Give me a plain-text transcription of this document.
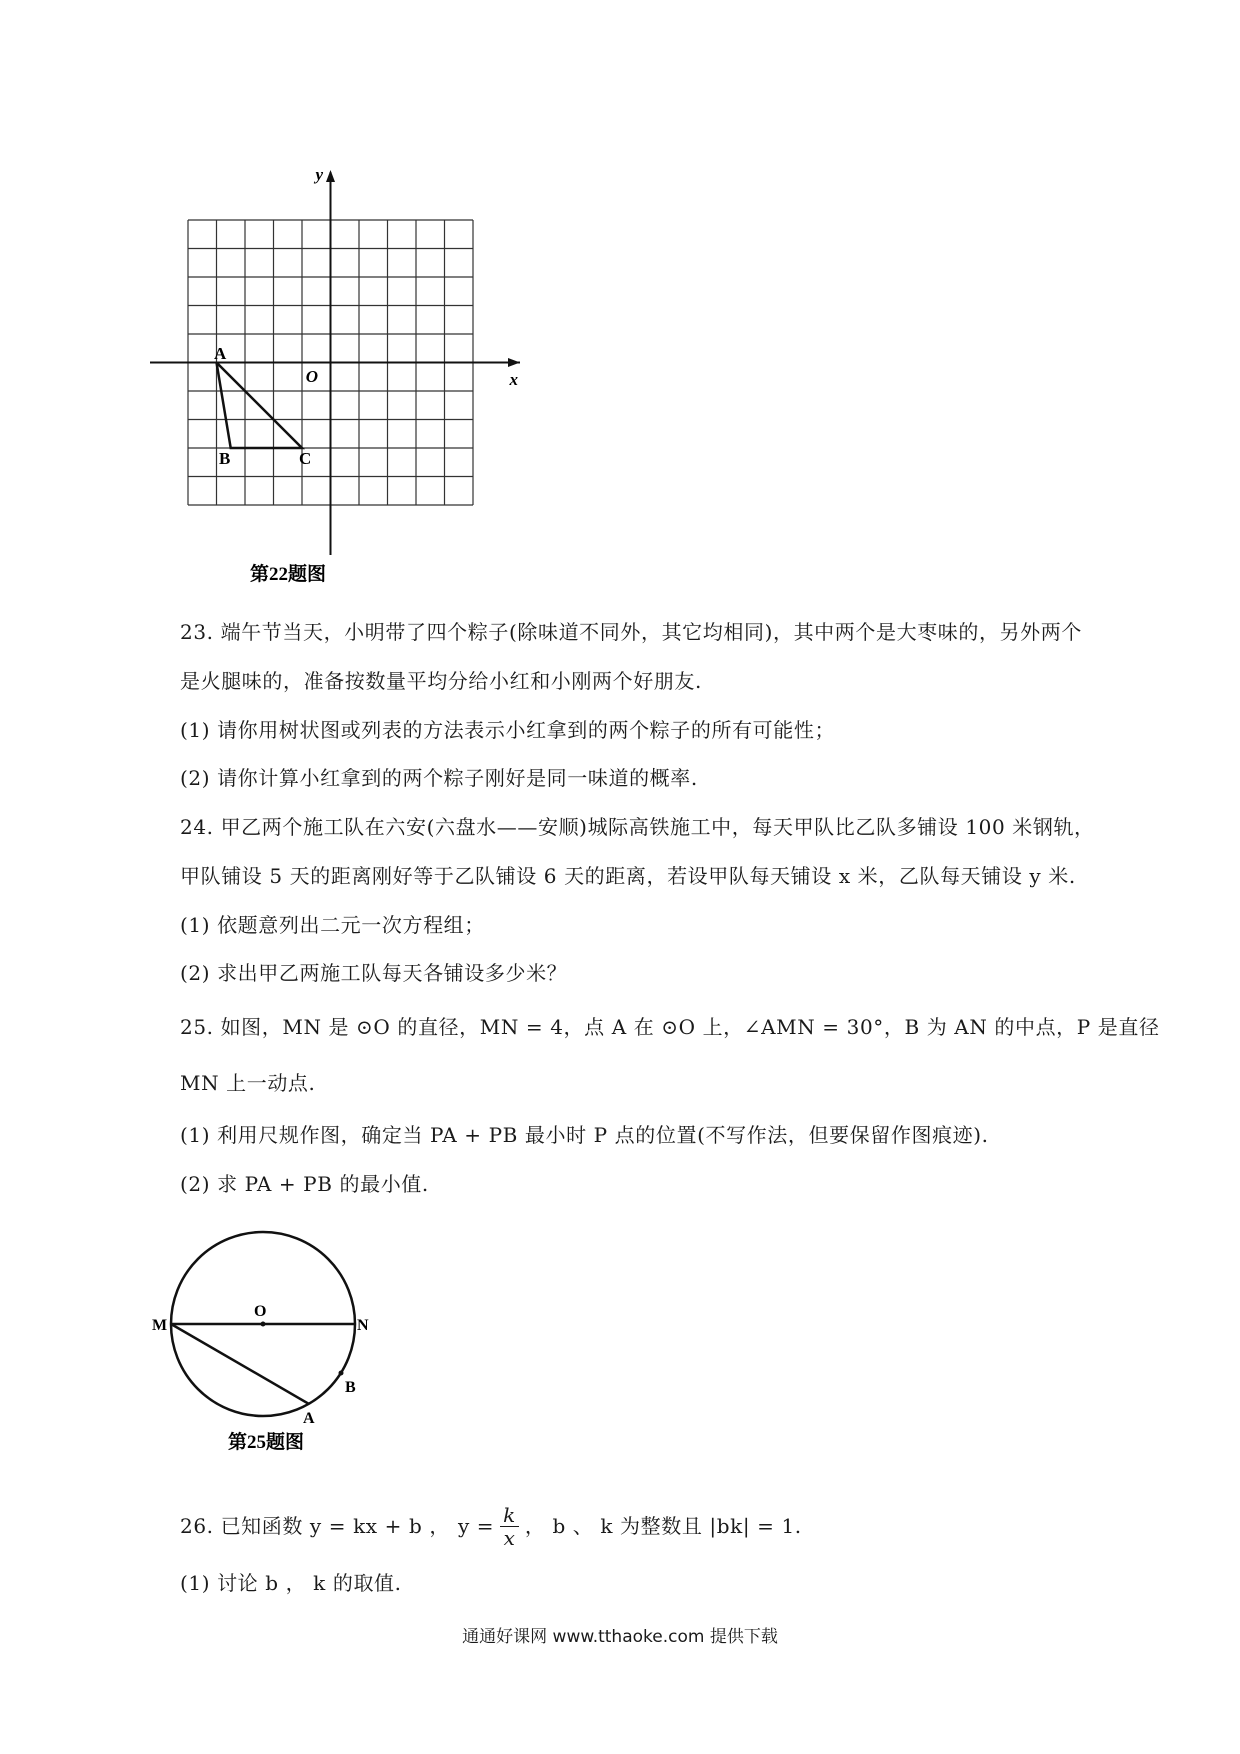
y
x
O
A
B	C
第22题图
23. 端午节当天，小明带了四个粽子(除味道不同外，其它均相同)，其中两个是大枣味的，另外两个
是火腿味的，准备按数量平均分给小红和小刚两个好朋友.
(1) 请你用树状图或列表的方法表示小红拿到的两个粽子的所有可能性；
(2) 请你计算小红拿到的两个粽子刚好是同一味道的概率.
24. 甲乙两个施工队在六安(六盘水——安顺)城际高铁施工中，每天甲队比乙队多铺设 100 米钢轨，
甲队铺设 5 天的距离刚好等于乙队铺设 6 天的距离，若设甲队每天铺设 x 米，乙队每天铺设 y 米.
(1) 依题意列出二元一次方程组；
(2) 求出甲乙两施工队每天各铺设多少米？
25. 如图，MN 是 ⊙O 的直径，MN = 4，点 A 在 ⊙O 上，∠AMN = 30°，B 为 AN 的中点，P 是直径
MN 上一动点.
(1) 利用尺规作图，确定当 PA + PB 最小时 P 点的位置(不写作法，但要保留作图痕迹).
(2) 求 PA + PB 的最小值.
O
M	N
B
A
第25题图
26. 已知函数 y = kx + b ， $y = \frac{k}{x}$ ， b 、 k 为整数且 |bk| = 1.
(1) 讨论 b ， k 的取值.
通通好课网 www.tthaoke.com 提供下载
